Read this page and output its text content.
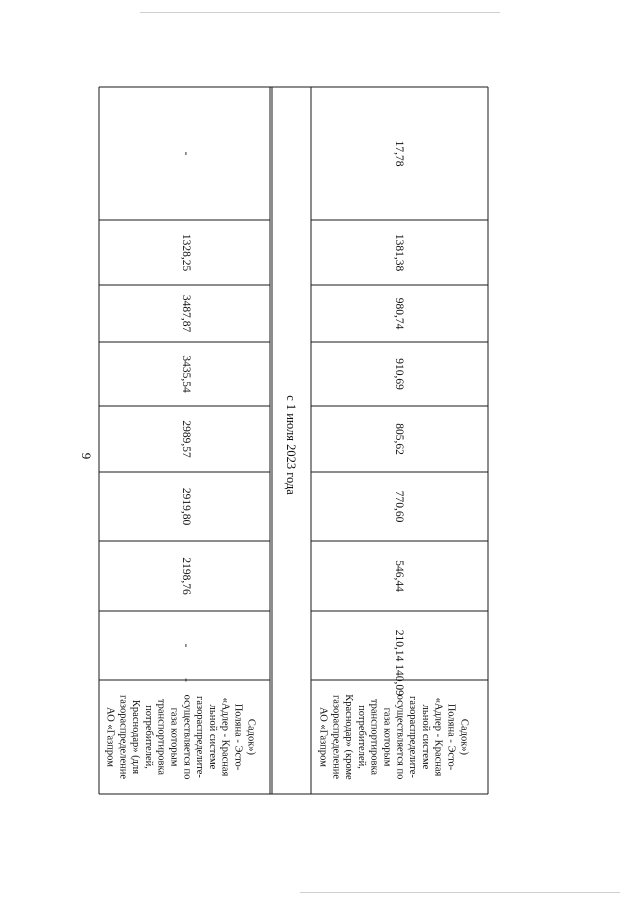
9
-
-
2198,76
2919,80
2989,57
3435,54
3487,87
1328,25
-
АО «Газпром газораспределение Краснодар» (для потребителей, транспортировка газа которым осуществляется по газораспределите- льной системе «Адлер - Красная Поляна - Эсто- Садок»)
140,09
210,14
546,44
770,60
805,62
910,69
980,74
1381,38
17,78
АО «Газпром газораспределение Краснодар» (кроме потребителей, транспортировка газа которым осуществляется по газораспределите- льной системе «Адлер - Красная Поляна - Эсто- Садок»)
с 1 июля 2023 года
